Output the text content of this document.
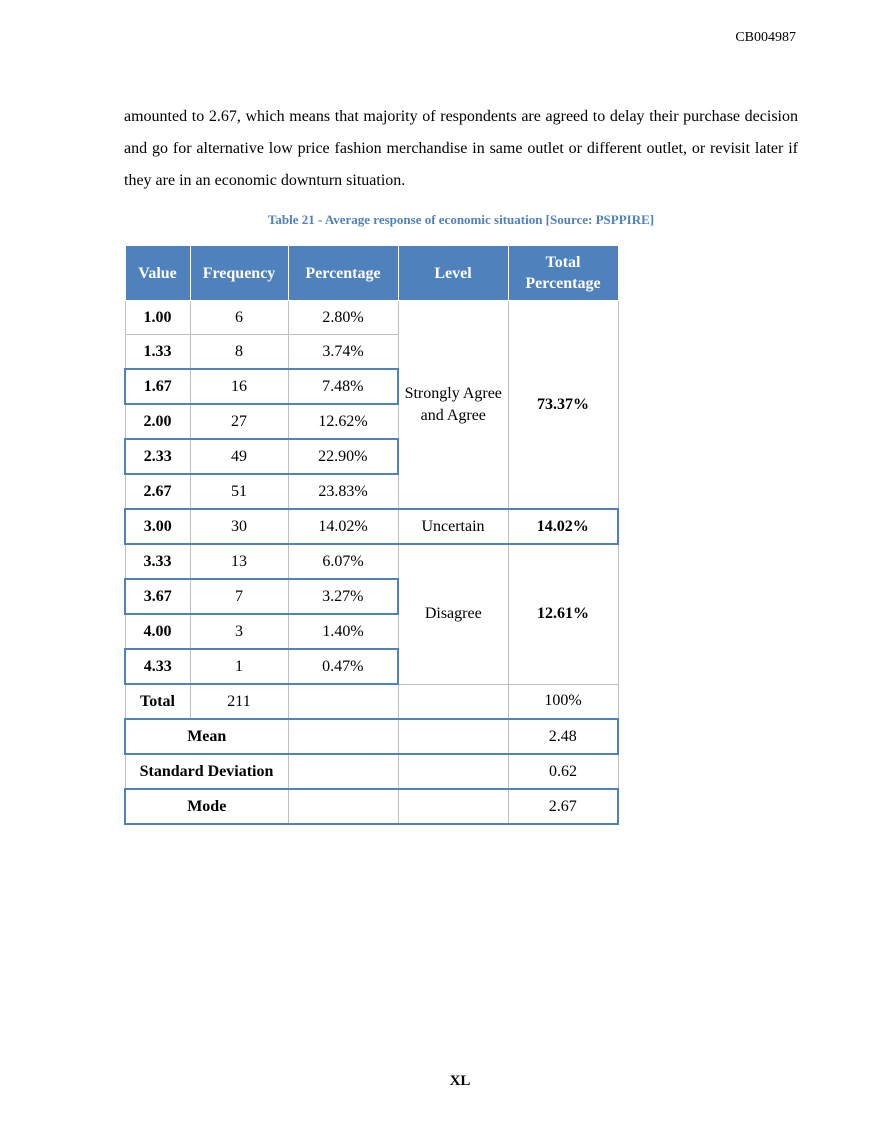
CB004987

amounted to 2.67, which means that majority of respondents are agreed to delay their purchase decision and go for alternative low price fashion merchandise in same outlet or different outlet, or revisit later if they are in an economic downturn situation.

Table 21 - Average response of economic situation [Source: PSPPIRE]
Value	Frequency	Percentage	Level	Total Percentage
1.00	6	2.80%	Strongly Agree and Agree	73.37%
1.33	8	3.74%		
1.67	16	7.48%		
2.00	27	12.62%		
2.33	49	22.90%		
2.67	51	23.83%		
3.00	30	14.02%	Uncertain	14.02%
3.33	13	6.07%	Disagree	12.61%
3.67	7	3.27%		
4.00	3	1.40%		
4.33	1	0.47%		
Total	211			100%
Mean				2.48
Standard Deviation				0.62
Mode				2.67
XL
